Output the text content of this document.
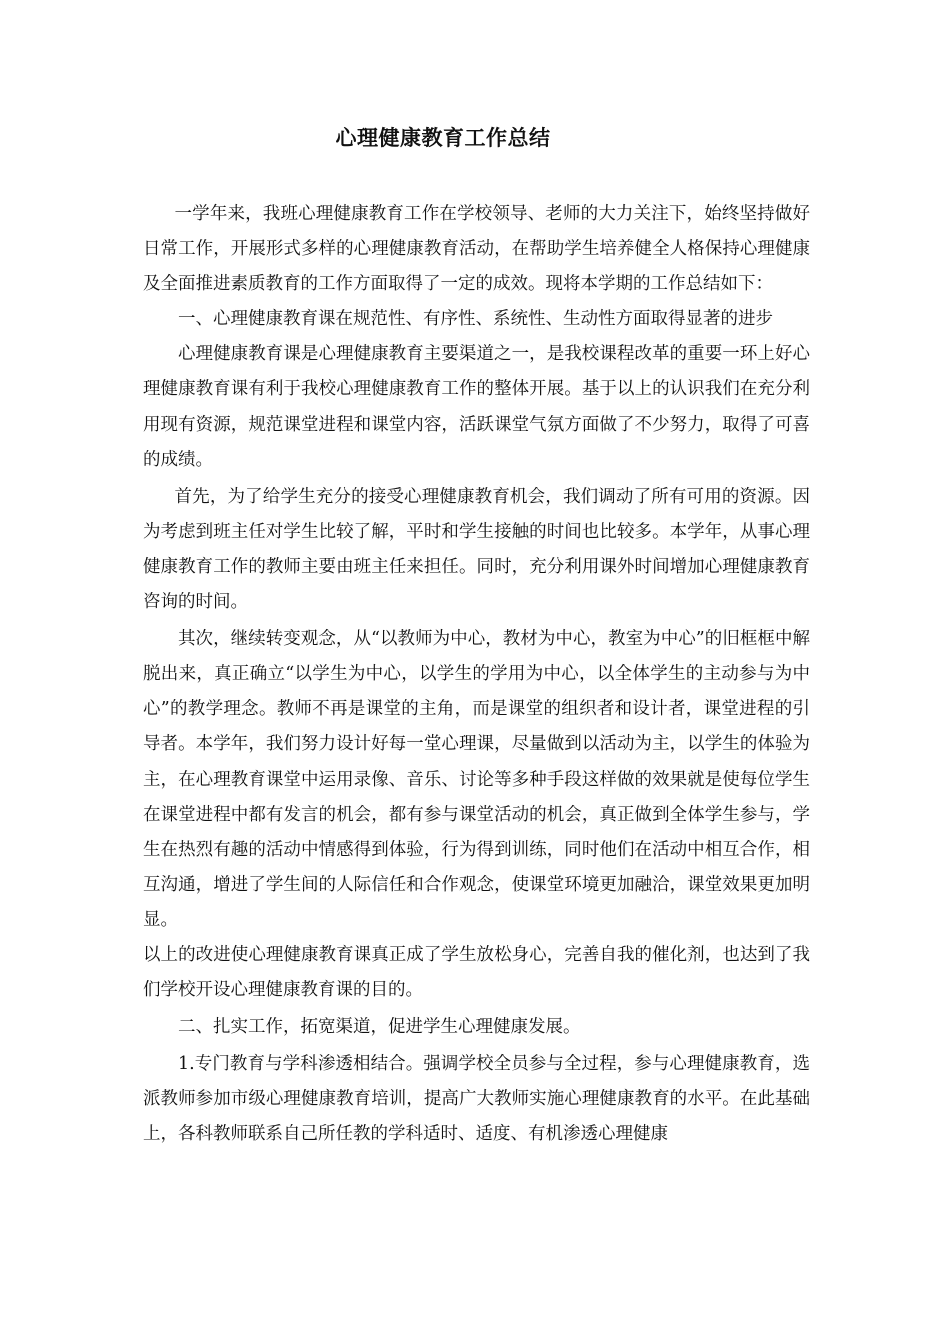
心理健康教育工作总结

一学年来，我班心理健康教育工作在学校领导、老师的大力关注下，始终坚持做好日常工作，开展形式多样的心理健康教育活动，在帮助学生培养健全人格保持心理健康及全面推进素质教育的工作方面取得了一定的成效。现将本学期的工作总结如下：

一、心理健康教育课在规范性、有序性、系统性、生动性方面取得显著的进步

心理健康教育课是心理健康教育主要渠道之一，是我校课程改革的重要一环上好心理健康教育课有利于我校心理健康教育工作的整体开展。基于以上的认识我们在充分利用现有资源，规范课堂进程和课堂内容，活跃课堂气氛方面做了不少努力，取得了可喜的成绩。

首先，为了给学生充分的接受心理健康教育机会，我们调动了所有可用的资源。因为考虑到班主任对学生比较了解，平时和学生接触的时间也比较多。本学年，从事心理健康教育工作的教师主要由班主任来担任。同时，充分利用课外时间增加心理健康教育咨询的时间。

其次，继续转变观念，从“以教师为中心，教材为中心，教室为中心”的旧框框中解脱出来，真正确立“以学生为中心，以学生的学用为中心，以全体学生的主动参与为中心”的教学理念。教师不再是课堂的主角，而是课堂的组织者和设计者，课堂进程的引导者。本学年，我们努力设计好每一堂心理课，尽量做到以活动为主，以学生的体验为主，在心理教育课堂中运用录像、音乐、讨论等多种手段这样做的效果就是使每位学生在课堂进程中都有发言的机会，都有参与课堂活动的机会，真正做到全体学生参与，学生在热烈有趣的活动中情感得到体验，行为得到训练，同时他们在活动中相互合作，相互沟通，增进了学生间的人际信任和合作观念，使课堂环境更加融洽，课堂效果更加明显。

以上的改进使心理健康教育课真正成了学生放松身心，完善自我的催化剂，也达到了我们学校开设心理健康教育课的目的。

二、扎实工作，拓宽渠道，促进学生心理健康发展。

1.专门教育与学科渗透相结合。强调学校全员参与全过程，参与心理健康教育，选派教师参加市级心理健康教育培训，提高广大教师实施心理健康教育的水平。在此基础上，各科教师联系自己所任教的学科适时、适度、有机渗透心理健康
